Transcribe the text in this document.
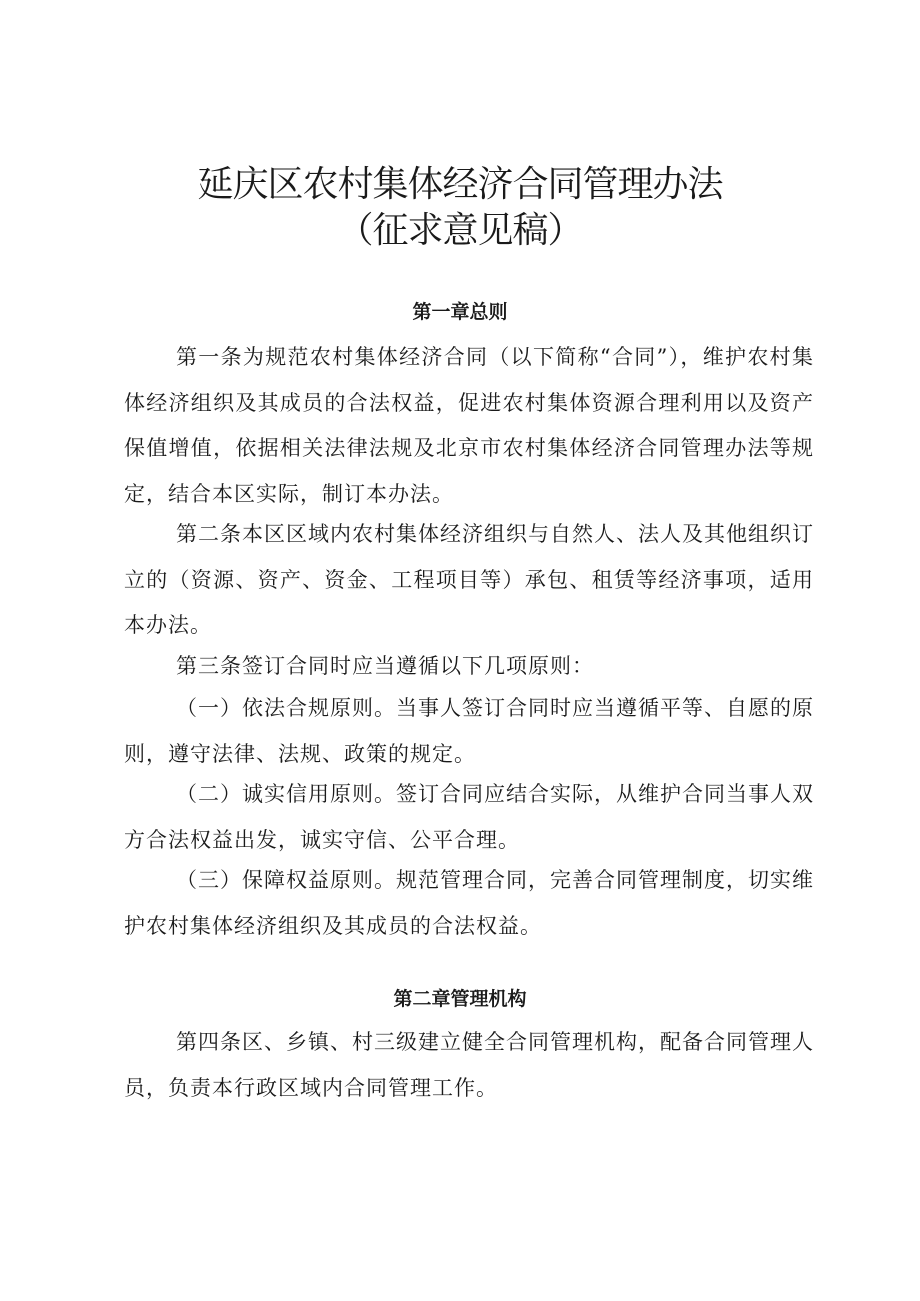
延庆区农村集体经济合同管理办法
（征求意见稿）
第一章总则

第一条为规范农村集体经济合同（以下简称“合同”），维护农村集体经济组织及其成员的合法权益，促进农村集体资源合理利用以及资产保值增值，依据相关法律法规及北京市农村集体经济合同管理办法等规定，结合本区实际，制订本办法。

第二条本区区域内农村集体经济组织与自然人、法人及其他组织订立的（资源、资产、资金、工程项目等）承包、租赁等经济事项，适用本办法。

第三条签订合同时应当遵循以下几项原则：

（一）依法合规原则。当事人签订合同时应当遵循平等、自愿的原则，遵守法律、法规、政策的规定。

（二）诚实信用原则。签订合同应结合实际，从维护合同当事人双方合法权益出发，诚实守信、公平合理。

（三）保障权益原则。规范管理合同，完善合同管理制度，切实维护农村集体经济组织及其成员的合法权益。

第二章管理机构

第四条区、乡镇、村三级建立健全合同管理机构，配备合同管理人员，负责本行政区域内合同管理工作。
